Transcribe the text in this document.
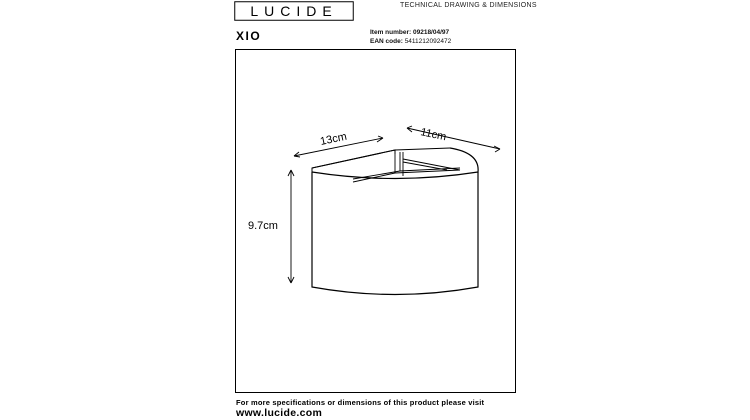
LUCIDE	TECHNICAL DRAWING & DIMENSIONS
XIO	Item number: 09218/04/97
EAN code: 5411212092472
13cm	11cm
9.7cm
For more specifications or dimensions of this product please visit
www.lucide.com
